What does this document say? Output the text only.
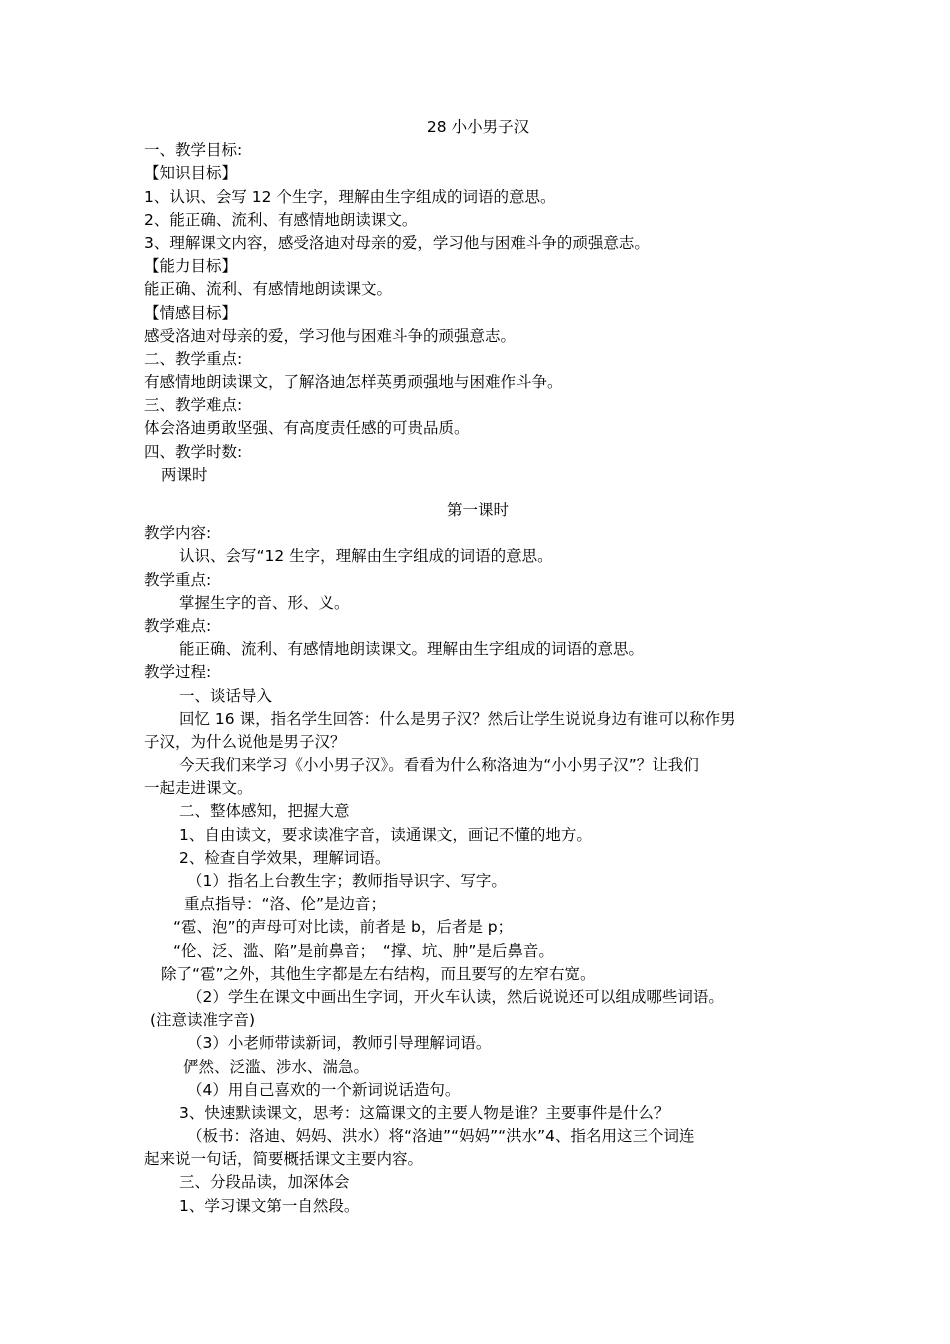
28 小小男子汉
一、教学目标:
【知识目标】
1、认识、会写 12 个生字，理解由生字组成的词语的意思。
2、能正确、流利、有感情地朗读课文。
3、理解课文内容，感受洛迪对母亲的爱，学习他与困难斗争的顽强意志。
【能力目标】
能正确、流利、有感情地朗读课文。
【情感目标】
感受洛迪对母亲的爱，学习他与困难斗争的顽强意志。
二、教学重点:
有感情地朗读课文，了解洛迪怎样英勇顽强地与困难作斗争。
三、教学难点:
体会洛迪勇敢坚强、有高度责任感的可贵品质。
四、教学时数:
两课时
第一课时
教学内容:
认识、会写“12 生字，理解由生字组成的词语的意思。
教学重点:
掌握生字的音、形、义。
教学难点:
能正确、流利、有感情地朗读课文。理解由生字组成的词语的意思。
教学过程:
一、谈话导入
回忆 16 课，指名学生回答：什么是男子汉？然后让学生说说身边有谁可以称作男
子汉，为什么说他是男子汉？
今天我们来学习《小小男子汉》。看看为什么称洛迪为“小小男子汉”？让我们
一起走进课文。
二、整体感知，把握大意
1、自由读文，要求读准字音，读通课文，画记不懂的地方。
2、检查自学效果，理解词语。
（1）指名上台教生字；教师指导识字、写字。
重点指导：“洛、伦”是边音；
“雹、泡”的声母可对比读，前者是 b，后者是 p；
“伦、泛、滥、陷”是前鼻音；　“撑、坑、肿”是后鼻音。
除了“雹”之外，其他生字都是左右结构，而且要写的左窄右宽。
（2）学生在课文中画出生字词，开火车认读，然后说说还可以组成哪些词语。
(注意读准字音)
（3）小老师带读新词，教师引导理解词语。
俨然、泛滥、涉水、湍急。
（4）用自己喜欢的一个新词说话造句。
3、快速默读课文，思考：这篇课文的主要人物是谁？主要事件是什么？
（板书：洛迪、妈妈、洪水）将“洛迪”“妈妈”“洪水”4、指名用这三个词连
起来说一句话，简要概括课文主要内容。
三、分段品读，加深体会
1、学习课文第一自然段。
